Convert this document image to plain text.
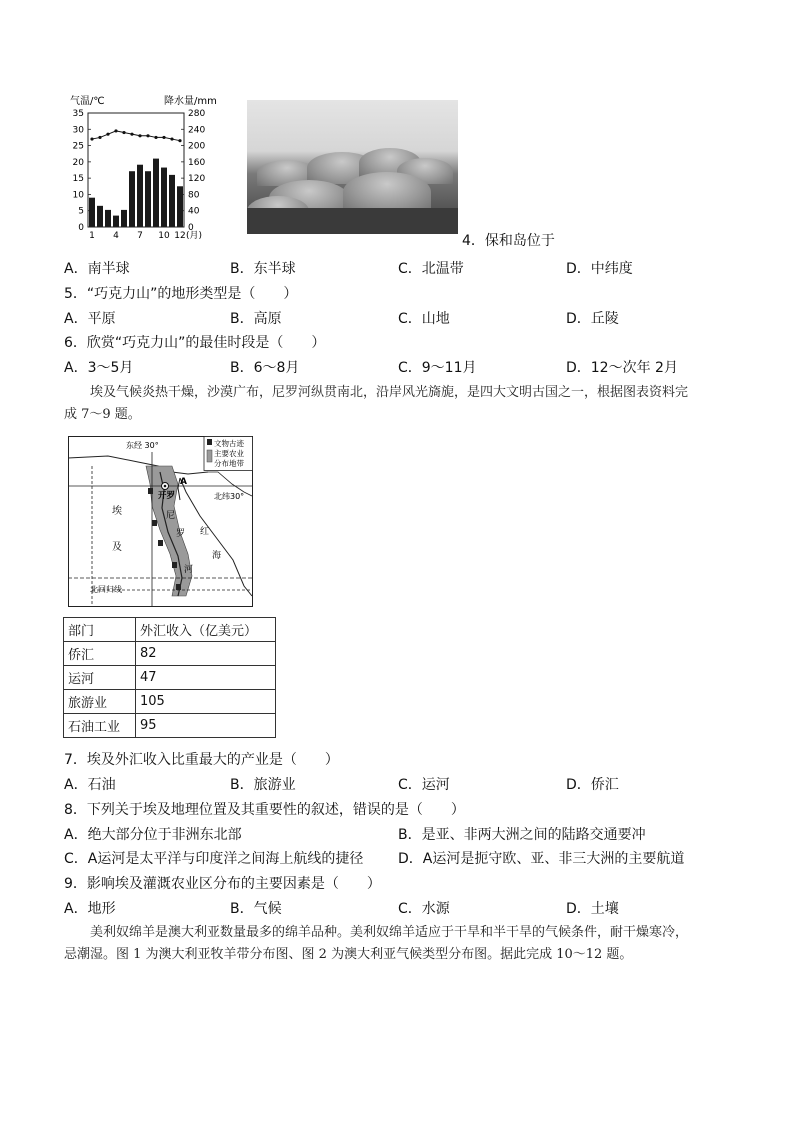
气温/℃	降水量/mm
35
30
25
20
15
10
5
0
280
240
200
160
120
80
40
0
1 4 7 10 12 (月)	4．保和岛位于
A．南半球	B．东半球	C．北温带	D．中纬度
5．“巧克力山”的地形类型是（　　）
A．平原	B．高原	C．山地	D．丘陵
6．欣赏“巧克力山”的最佳时段是（　　）
A．3～5月	B．6～8月	C．9～11月	D．12～次年 2月
埃及气候炎热干燥，沙漠广布，尼罗河纵贯南北，沿岸风光旖旎，是四大文明古国之一，根据图表资料完
成 7～9 题。
文物古迹
主要农业
分布地带
东经 30°
北纬30°
北回归线
A
开罗
埃
及
尼
罗
河
红
海
部门	外汇收入（亿美元）
侨汇	82
运河	47
旅游业	105
石油工业	95
7．埃及外汇收入比重最大的产业是（　　）
A．石油	B．旅游业	C．运河	D．侨汇
8．下列关于埃及地理位置及其重要性的叙述，错误的是（　　）
A．绝大部分位于非洲东北部	B．是亚、非两大洲之间的陆路交通要冲
C．A运河是太平洋与印度洋之间海上航线的捷径 D．A运河是扼守欧、亚、非三大洲的主要航道
9．影响埃及灌溉农业区分布的主要因素是（　　）
A．地形	B．气候	C．水源	D．土壤
美利奴绵羊是澳大利亚数量最多的绵羊品种。美利奴绵羊适应于干旱和半干旱的气候条件，耐干燥寒冷，
忌潮湿。图 1 为澳大利亚牧羊带分布图、图 2 为澳大利亚气候类型分布图。据此完成 10～12 题。
